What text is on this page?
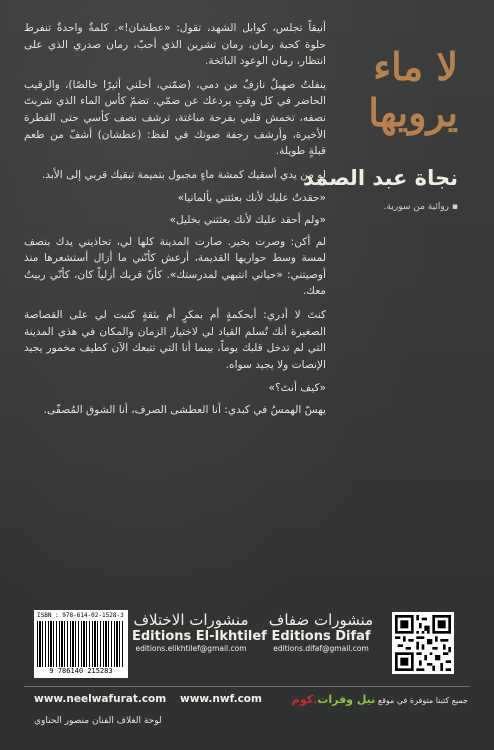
أنيقاً تجلس، كوابل الشهد، تقول: «عطشان!». كلمةٌ واحدةٌ تنفرط حلوة كحبة رمان، رمان تشرين الذي أحبّ، رمان صدري الذي على انتظار، رمان الوعود البائخة.

ينفلتُ صهيلٌ نازفٌ من دمي، (ضمّني، أحلني أثيرًا خالصًا)، والرقيب الحاضر في كل وقتٍ يردعك عن ضمّي. تضمّ كأس الماء الذي شربتَ نصفه، تخمش قلبي بفرحة مباغتة، ترشف نصف كأسي حتى القطرة الأخيرة، وأرشف رجفة صوتك في لفظ: (عطشان) أشفّ من طعم قبلةٍ طويلة.

لو من يدي أسقيك كمشة ماءٍ مجبول بتميمة تبقيك قربي إلى الأبد.

«حقدتُ عليك لأنك بعثتني بألمانيا»

«ولم أحقد عليك لأنك بعثتني بخليل»

لم أكن: وصرت بخير. صارت المدينة كلها لي، تحاذيني يدك بنصف لمسة وسط حواريها القديمة، أرعش كأنّني ما أزال أستشعرها منذ أوصيتني: «حياتي انتبهي لمدرستك». كأنّ قربك أزلياً كان، كأنّي ربيتُ معك.

كنتَ لا أدري: أبحكمةٍ أم بمكرٍ أم بثقةٍ كتبت لي على القصاصة الصغيرة أنك تُسلم القياد لي لاختيار الزمان والمكان في هذي المدينة التي لم تدخل قلبك يوماً، بينما أنا التي تتبعك الآن كطيف مخمور يجيد الإنصات ولا يجيد سواه.

«كيف أنتَ؟»

يهسّ الهمسُ في كبدي: أنا العطشى الصرف، أنا الشوق المُصفّى.

لا ماء
يرويها
نجاة عبد الصمد
▪ روائية من سورية.
ISBN : 978-614-02-1528-3
9 786140 215283
منشورات الاختلاف
Editions El-Ikhtilef
editions.elikhtilef@gmail.com
منشورات ضفاف
Editions Difaf
editions.difaf@gmail.com
www.neelwafurat.com www.nwf.com	جميع كتبنا متوفرة في موقع نيل وفرات.كوم
لوحة الغلاف الفنان منصور الحناوي
